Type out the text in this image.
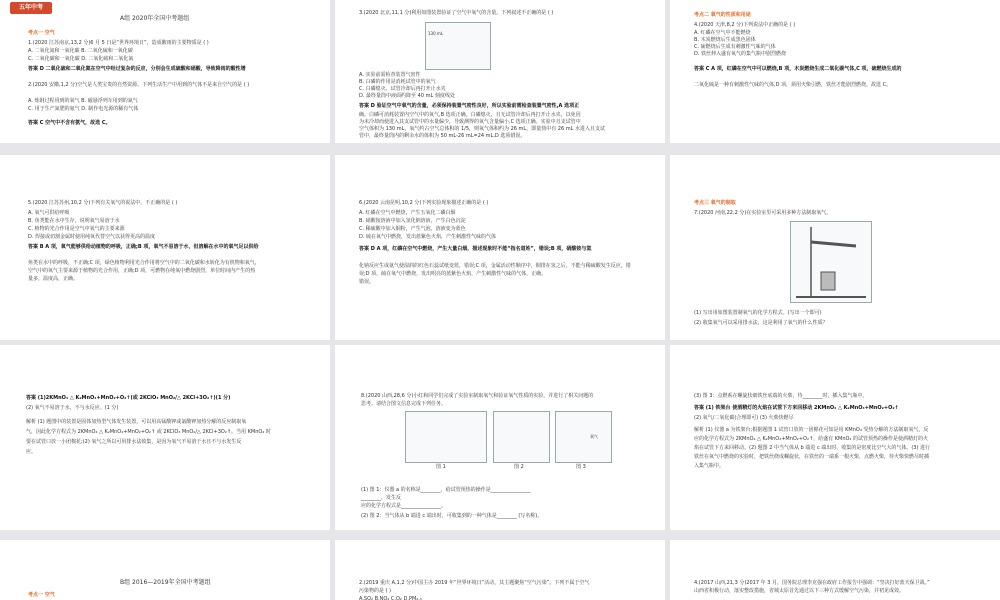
五年中考
A组 2020年全国中考题组
考点一 空气
1.(2020 江苏南京,13,2 分)6 月 5 日是“世界环境日”，造成酸雨的主要物质是 ( )
A. 二氧化氮和一氧化碳 B. 二氧化硫和一氧化碳
C. 二氧化碳和一氧化碳 D. 二氧化硫和二氧化氮
答案 D 二氧化硫和二氧化氮在空气中经过复杂的反应，分别会生成硫酸和硝酸，导致降雨的酸性增
2.(2020 安徽,1,2 分)空气是人类宝贵的自然资源。下列生活生产中用到的气体不是来自空气的是 ( )
A. 炼钢过程用到的氧气 B. 磁悬浮列车用到的氮气
C. 用于生产氮肥的氨气 D. 制作电光源的稀有气体
答案 C 空气中不含有氨气，故选 C。
3.(2020 北京,11,1 分)利用如图装置验证了空气中氧气的含量。下列叙述不正确的是 ( )
130 mL
A. 实验前需检查装置气密性
B. 白磷的作用是消耗试管中的氧气
C. 白磷熄灭、试管冷却后再打开止水夹
D. 最终量筒中液面约降至 40 mL 刻度线处
答案 D 验证空气中氧气的含量，必须保持装置气密性良好，所以实验前需检查装置气密性,A 选项正
确。白磷可消耗装置内空气中的氧气,B 选项正确。白磷熄灭、且无试管冷却后再打开止水夹，以免因
为未冷却而使进入其支试管中的水量偏少，导致测得的氧气含量偏小,C 选项正确。实验中且支试管中
空气体积为 130 mL，氧气约占空气总体积的 1/5，则氧气体积约为 26 mL，即量筒中有 26 mL 水进入且支试
管中，最终量筒内的剩余水的体积为 50 mL-26 mL=24 mL,D 选项错误。
考点二 氧气的性质和用途
4.(2020 天津,8,2 分)下列说法中正确的是 ( )
A. 红磷在空气中不能燃烧
B. 木炭燃烧后生成黑色固体
C. 硫燃烧后生成有刺激性气味的气体
D. 铁丝伸入盛有氧气的集气瓶中剧烈燃烧
答案 C A 项，红磷在空气中可以燃烧,B 项，木炭燃烧生成二氧化碳气体,C 项，硫燃烧生成的
二氧化硫是一种有刺激性气味的气体,D 项，须用火柴引燃，铁丝才能剧烈燃烧。故选 C。
5.(2020 江苏苏州,10,2 分)下列有关氧气的说法中，不正确的是 ( )
A. 氧气可供给呼吸
B. 鱼类能在水中生存，说明氧气易溶于水
C. 植物的光合作用是空气中氧气的主要来源
D. 焊接或切割金属时使用纯氧代替空气以获得更高的温度
答案 B A 项，氧气能够供给动植物的呼吸，正确;B 项，氧气不易溶于水，但溶解在水中的氧气足以供给
鱼类在水中的呼吸，不正确;C 项，绿色植物利用光合作用将空气中的二氧化碳和水转化为有机物和氧气，
空气中的氧气主要来源于植物的光合作用，正确;D 项，可燃物在纯氧中燃烧剧烈，单位时间内产生的热
量多，温度高，正确。
6.(2020 云南昆明,10,2 分)下列实验现象描述正确的是 ( )
A. 红磷在空气中燃烧，产生五氧化二磷白烟
B. 硝酸铵溶液中加入氢化钠溶液，产生白色沉淀
C. 稀硫酸中加入铜粉，产生气泡，溶液变为蓝色
D. 硫在氧气中燃烧，发出蓝紫色火焰，产生刺激性气味的气体
答案 D A 项，红磷在空气中燃烧，产生大量白烟，描述现象时不能“指名道姓”，错误;B 项，硝酸铵与氢
化钠反应生成氨气使湿润的红色石蕊试纸变蓝，错误;C 项，金属活动性顺序中，铜排在氢之后，不能与稀硫酸发生反应，错
误;D 项，硫在氧气中燃烧，发出明亮的蓝紫色火焰，产生刺激性气味的气体，正确。
错误。
考点三 氧气的制取
7.(2020 河南,22,2 分)在实验室里可采用多种方法制取氧气。
(1) 写出用如图装置制氧气的化学方程式。(写出一个即可)
(2) 收集氧气可以采用排水法，这是利用了氧气的什么性质？
答案 (1)2KMnO₄ △ K₂MnO₄+MnO₂+O₂↑(或 2KClO₃ MnO₂/△ 2KCl+3O₂↑)(1 分)
(2) 氧气不易溶于水，不与水反应。(1 分)
解析 (1) 题图中的装置是固体加热型气体发生装置，可以用高锰酸钾或氯酸钾加热分解的反应制取氧
气，因此化学方程式为 2KMnO₄ △ K₂MnO₄+MnO₂+O₂↑ 或 2KClO₃ MnO₂/△ 2KCl+3O₂↑。当用 KMnO₄ 时
要在试管口放一小团棉花;(2) 氧气之所以可用排水法收集，是因为氧气不易溶于水且不与水发生反
应。
8.(2020 山西,28,6 分)小红和同学们完成了实验室制取氧气和验证氧气性质的实验，并进行了相关问题的
思考。请结合图文信息完成下列任务。
图 1	图 2
氧气
图 3
(1) 图 1：仪器 a 的名称是________，给试管预热的操作是________________
________，发生反
应的化学方程式是________________。
(2) 图 2：当气体从 b 端进 c 端出时，可收集到的一种气体是________ (写名称)。
(3) 图 3：点燃系在螺旋状细铁丝底端的火柴，待________时，插入集气瓶中。
答案 (1) 铁架台 使酒精灯的火焰在试管下方来回移动 2KMnO₄ △ K₂MnO₄+MnO₂+O₂↑
(2) 氧气/二氧化碳(合理即可) (3) 火柴快燃尽
解析 (1) 仪器 a 为铁架台;根据题图 1 试管口放的一团棉花可知是用 KMnO₄ 受热分解的方法制取氧气，反
应的化学方程式为 2KMnO₄ △ K₂MnO₄+MnO₂+O₂↑，给盛有 KMnO₄ 的试管预热的操作是使酒精灯的火
焰在试管下方来回移动。(2) 题图 2 中当气体从 b 端进 c 端出时，收集的是密度比空气大的气体。(3) 进行
铁丝在氧气中燃烧的实验时，把铁丝绕成螺旋状，在铁丝的一端系一根火柴，点燃火柴，待火柴快燃尽时插
入集气瓶中。
B组 2016—2019年全国中考题组
考点一 空气
2.(2019 重庆 A,1,2 分)中国主办 2019 年“世界环境日”活动，其主题聚焦“空气污染”。下列不属于空气
污染物的是 ( )
A.SO₂ B.NO₂ C.O₂ D.PM₂.₅
4.(2017 山西,21,3 分)2017 年 3 月，国务院总理李克强在政府工作报告中强调：“坚决打好蓝天保卫战。”
山西省积极行动，落实整改措施，省城太原首先通过以下三种方式缓解空气污染，并初见成效。
